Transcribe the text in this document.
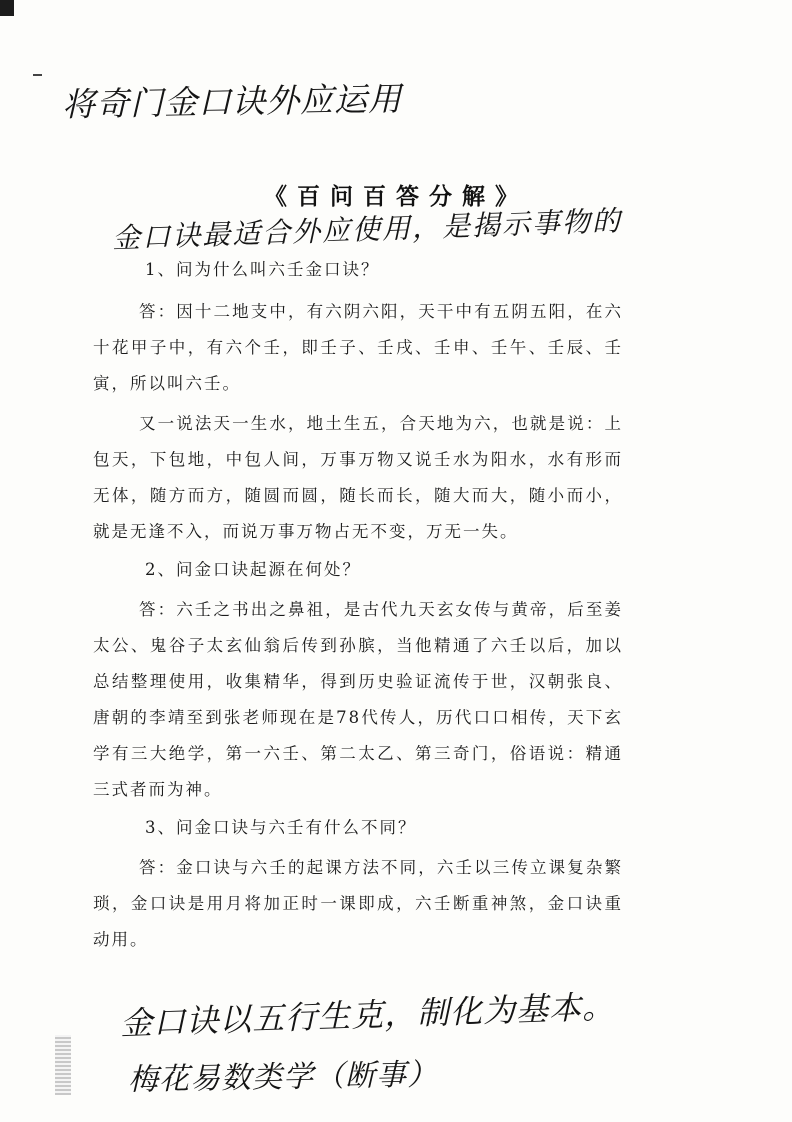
将奇门金口诀外应运用
《百问百答分解》
金口诀最适合外应使用，是揭示事物的

1、问为什么叫六壬金口诀？

答：因十二地支中，有六阴六阳，天干中有五阴五阳，在六十花甲子中，有六个壬，即壬子、壬戌、壬申、壬午、壬辰、壬寅，所以叫六壬。

又一说法天一生水，地土生五，合天地为六，也就是说：上包天，下包地，中包人间，万事万物又说壬水为阳水，水有形而无体，随方而方，随圆而圆，随长而长，随大而大，随小而小，就是无逢不入，而说万事万物占无不变，万无一失。

2、问金口诀起源在何处？

答：六壬之书出之鼻祖，是古代九天玄女传与黄帝，后至姜太公、鬼谷子太玄仙翁后传到孙膑，当他精通了六壬以后，加以总结整理使用，收集精华，得到历史验证流传于世，汉朝张良、唐朝的李靖至到张老师现在是78代传人，历代口口相传，天下玄学有三大绝学，第一六壬、第二太乙、第三奇门，俗语说：精通三式者而为神。

3、问金口诀与六壬有什么不同？

答：金口诀与六壬的起课方法不同，六壬以三传立课复杂繁琐，金口诀是用月将加正时一课即成，六壬断重神煞，金口诀重动用。

金口诀以五行生克，制化为基本。
梅花易数类学（断事）
